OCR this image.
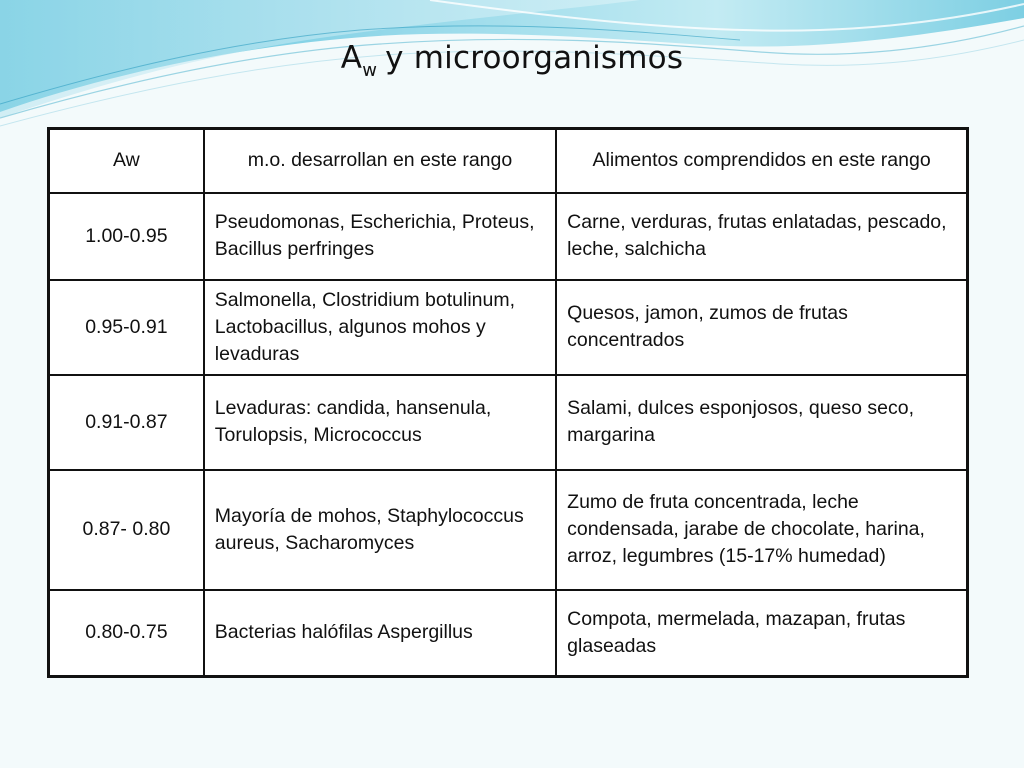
$A_w$ y microorganismos
Aw	m.o. desarrollan en este rango	Alimentos comprendidos en este rango
1.00-0.95	Pseudomonas, Escherichia, Proteus, Bacillus perfringes	Carne, verduras, frutas enlatadas, pescado, leche, salchicha
0.95-0.91	Salmonella, Clostridium botulinum, Lactobacillus, algunos mohos y levaduras	Quesos, jamon, zumos de frutas concentrados
0.91-0.87	Levaduras: candida, hansenula, Torulopsis, Micrococcus	Salami, dulces esponjosos, queso seco, margarina
0.87- 0.80	Mayoría de mohos, Staphylococcus aureus, Sacharomyces	Zumo de fruta concentrada, leche condensada, jarabe de chocolate, harina, arroz, legumbres (15-17% humedad)
0.80-0.75	Bacterias halófilas Aspergillus	Compota, mermelada, mazapan, frutas glaseadas
